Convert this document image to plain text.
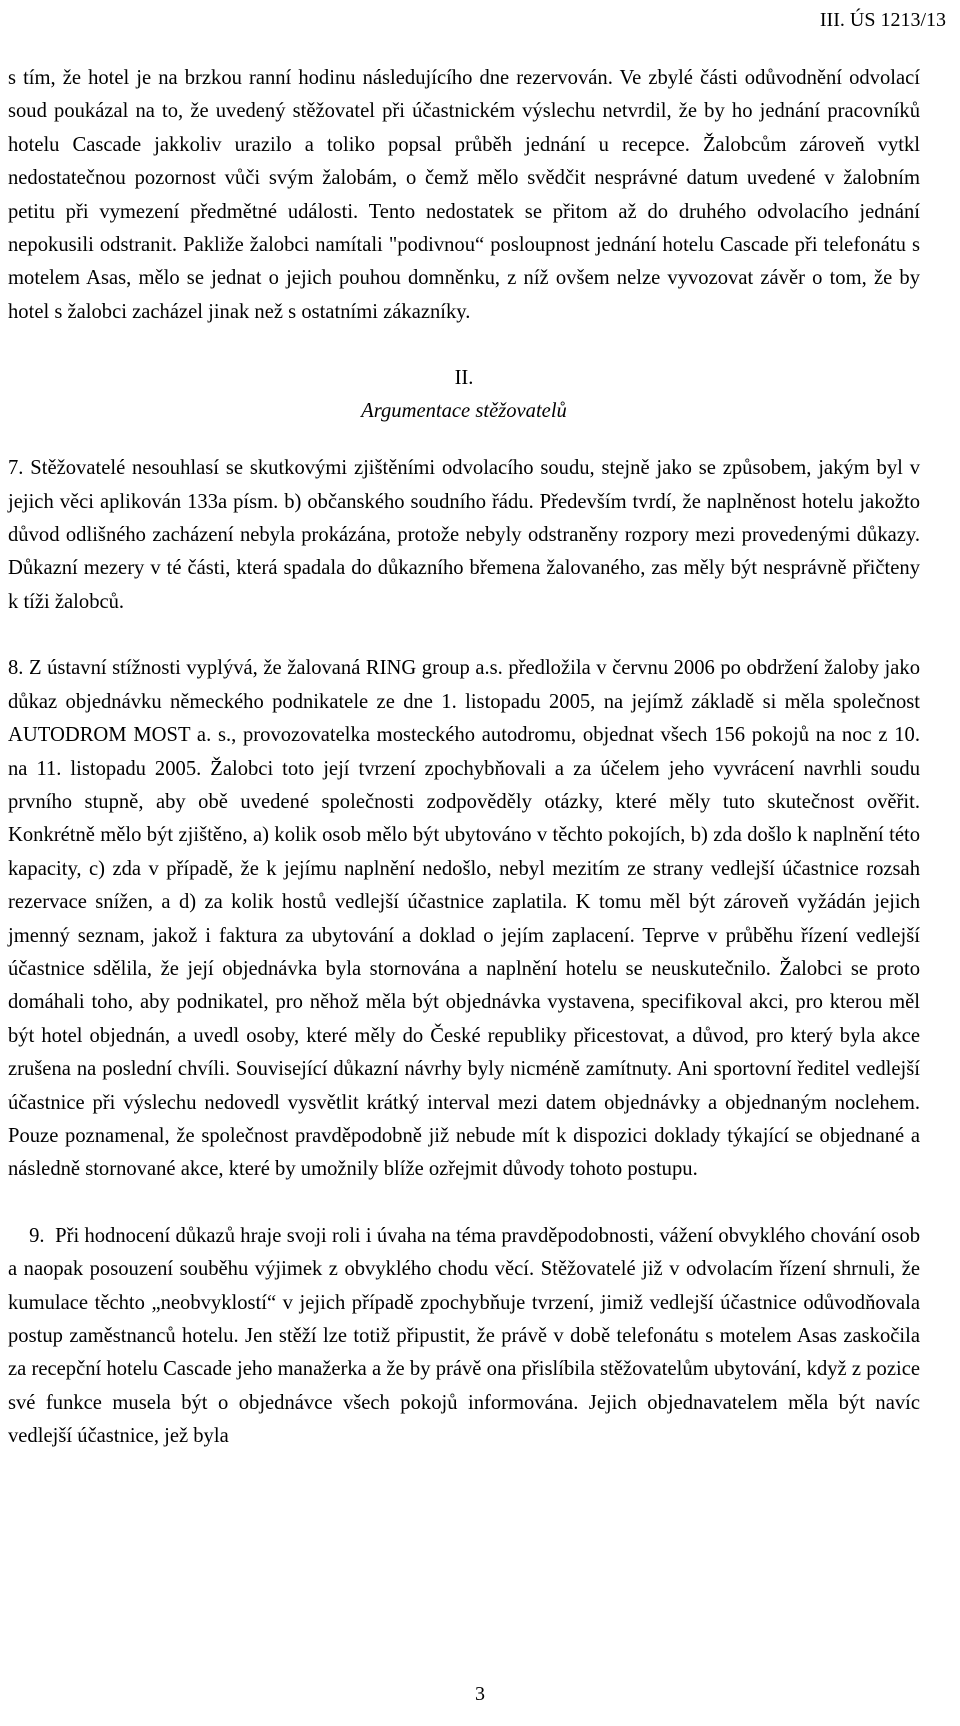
III. ÚS 1213/13

s tím, že hotel je na brzkou ranní hodinu následujícího dne rezervován. Ve zbylé části odůvodnění odvolací soud poukázal na to, že uvedený stěžovatel při účastnickém výslechu netvrdil, že by ho jednání pracovníků hotelu Cascade jakkoliv urazilo a toliko popsal průběh jednání u recepce. Žalobcům zároveň vytkl nedostatečnou pozornost vůči svým žalobám, o čemž mělo svědčit nesprávné datum uvedené v žalobním petitu při vymezení předmětné události. Tento nedostatek se přitom až do druhého odvolacího jednání nepokusili odstranit. Pakliže žalobci namítali "podivnou“ posloupnost jednání hotelu Cascade při telefonátu s motelem Asas, mělo se jednat o jejich pouhou domněnku, z níž ovšem nelze vyvozovat závěr o tom, že by hotel s žalobci zacházel jinak než s ostatními zákazníky.

II.
Argumentace stěžovatelů

7. Stěžovatelé nesouhlasí se skutkovými zjištěními odvolacího soudu, stejně jako se způsobem, jakým byl v jejich věci aplikován 133a písm. b) občanského soudního řádu. Především tvrdí, že naplněnost hotelu jakožto důvod odlišného zacházení nebyla prokázána, protože nebyly odstraněny rozpory mezi provedenými důkazy. Důkazní mezery v té části, která spadala do důkazního břemena žalovaného, zas měly být nesprávně přičteny k tíži žalobců.

8. Z ústavní stížnosti vyplývá, že žalovaná RING group a.s. předložila v červnu 2006 po obdržení žaloby jako důkaz objednávku německého podnikatele ze dne 1. listopadu 2005, na jejímž základě si měla společnost AUTODROM MOST a. s., provozovatelka mosteckého autodromu, objednat všech 156 pokojů na noc z 10. na 11. listopadu 2005. Žalobci toto její tvrzení zpochybňovali a za účelem jeho vyvrácení navrhli soudu prvního stupně, aby obě uvedené společnosti zodpověděly otázky, které měly tuto skutečnost ověřit. Konkrétně mělo být zjištěno, a) kolik osob mělo být ubytováno v těchto pokojích, b) zda došlo k naplnění této kapacity, c) zda v případě, že k jejímu naplnění nedošlo, nebyl mezitím ze strany vedlejší účastnice rozsah rezervace snížen, a d) za kolik hostů vedlejší účastnice zaplatila. K tomu měl být zároveň vyžádán jejich jmenný seznam, jakož i faktura za ubytování a doklad o jejím zaplacení. Teprve v průběhu řízení vedlejší účastnice sdělila, že její objednávka byla stornována a naplnění hotelu se neuskutečnilo. Žalobci se proto domáhali toho, aby podnikatel, pro něhož měla být objednávka vystavena, specifikoval akci, pro kterou měl být hotel objednán, a uvedl osoby, které měly do České republiky přicestovat, a důvod, pro který byla akce zrušena na poslední chvíli. Související důkazní návrhy byly nicméně zamítnuty. Ani sportovní ředitel vedlejší účastnice při výslechu nedovedl vysvětlit krátký interval mezi datem objednávky a objednaným noclehem. Pouze poznamenal, že společnost pravděpodobně již nebude mít k dispozici doklady týkající se objednané a následně stornované akce, které by umožnily blíže ozřejmit důvody tohoto postupu.

9. Při hodnocení důkazů hraje svoji roli i úvaha na téma pravděpodobnosti, vážení obvyklého chování osob a naopak posouzení souběhu výjimek z obvyklého chodu věcí. Stěžovatelé již v odvolacím řízení shrnuli, že kumulace těchto „neobvyklostí“ v jejich případě zpochybňuje tvrzení, jimiž vedlejší účastnice odůvodňovala postup zaměstnanců hotelu. Jen stěží lze totiž připustit, že právě v době telefonátu s motelem Asas zaskočila za recepční hotelu Cascade jeho manažerka a že by právě ona přislíbila stěžovatelům ubytování, když z pozice své funkce musela být o objednávce všech pokojů informována. Jejich objednavatelem měla být navíc vedlejší účastnice, jež byla

3
